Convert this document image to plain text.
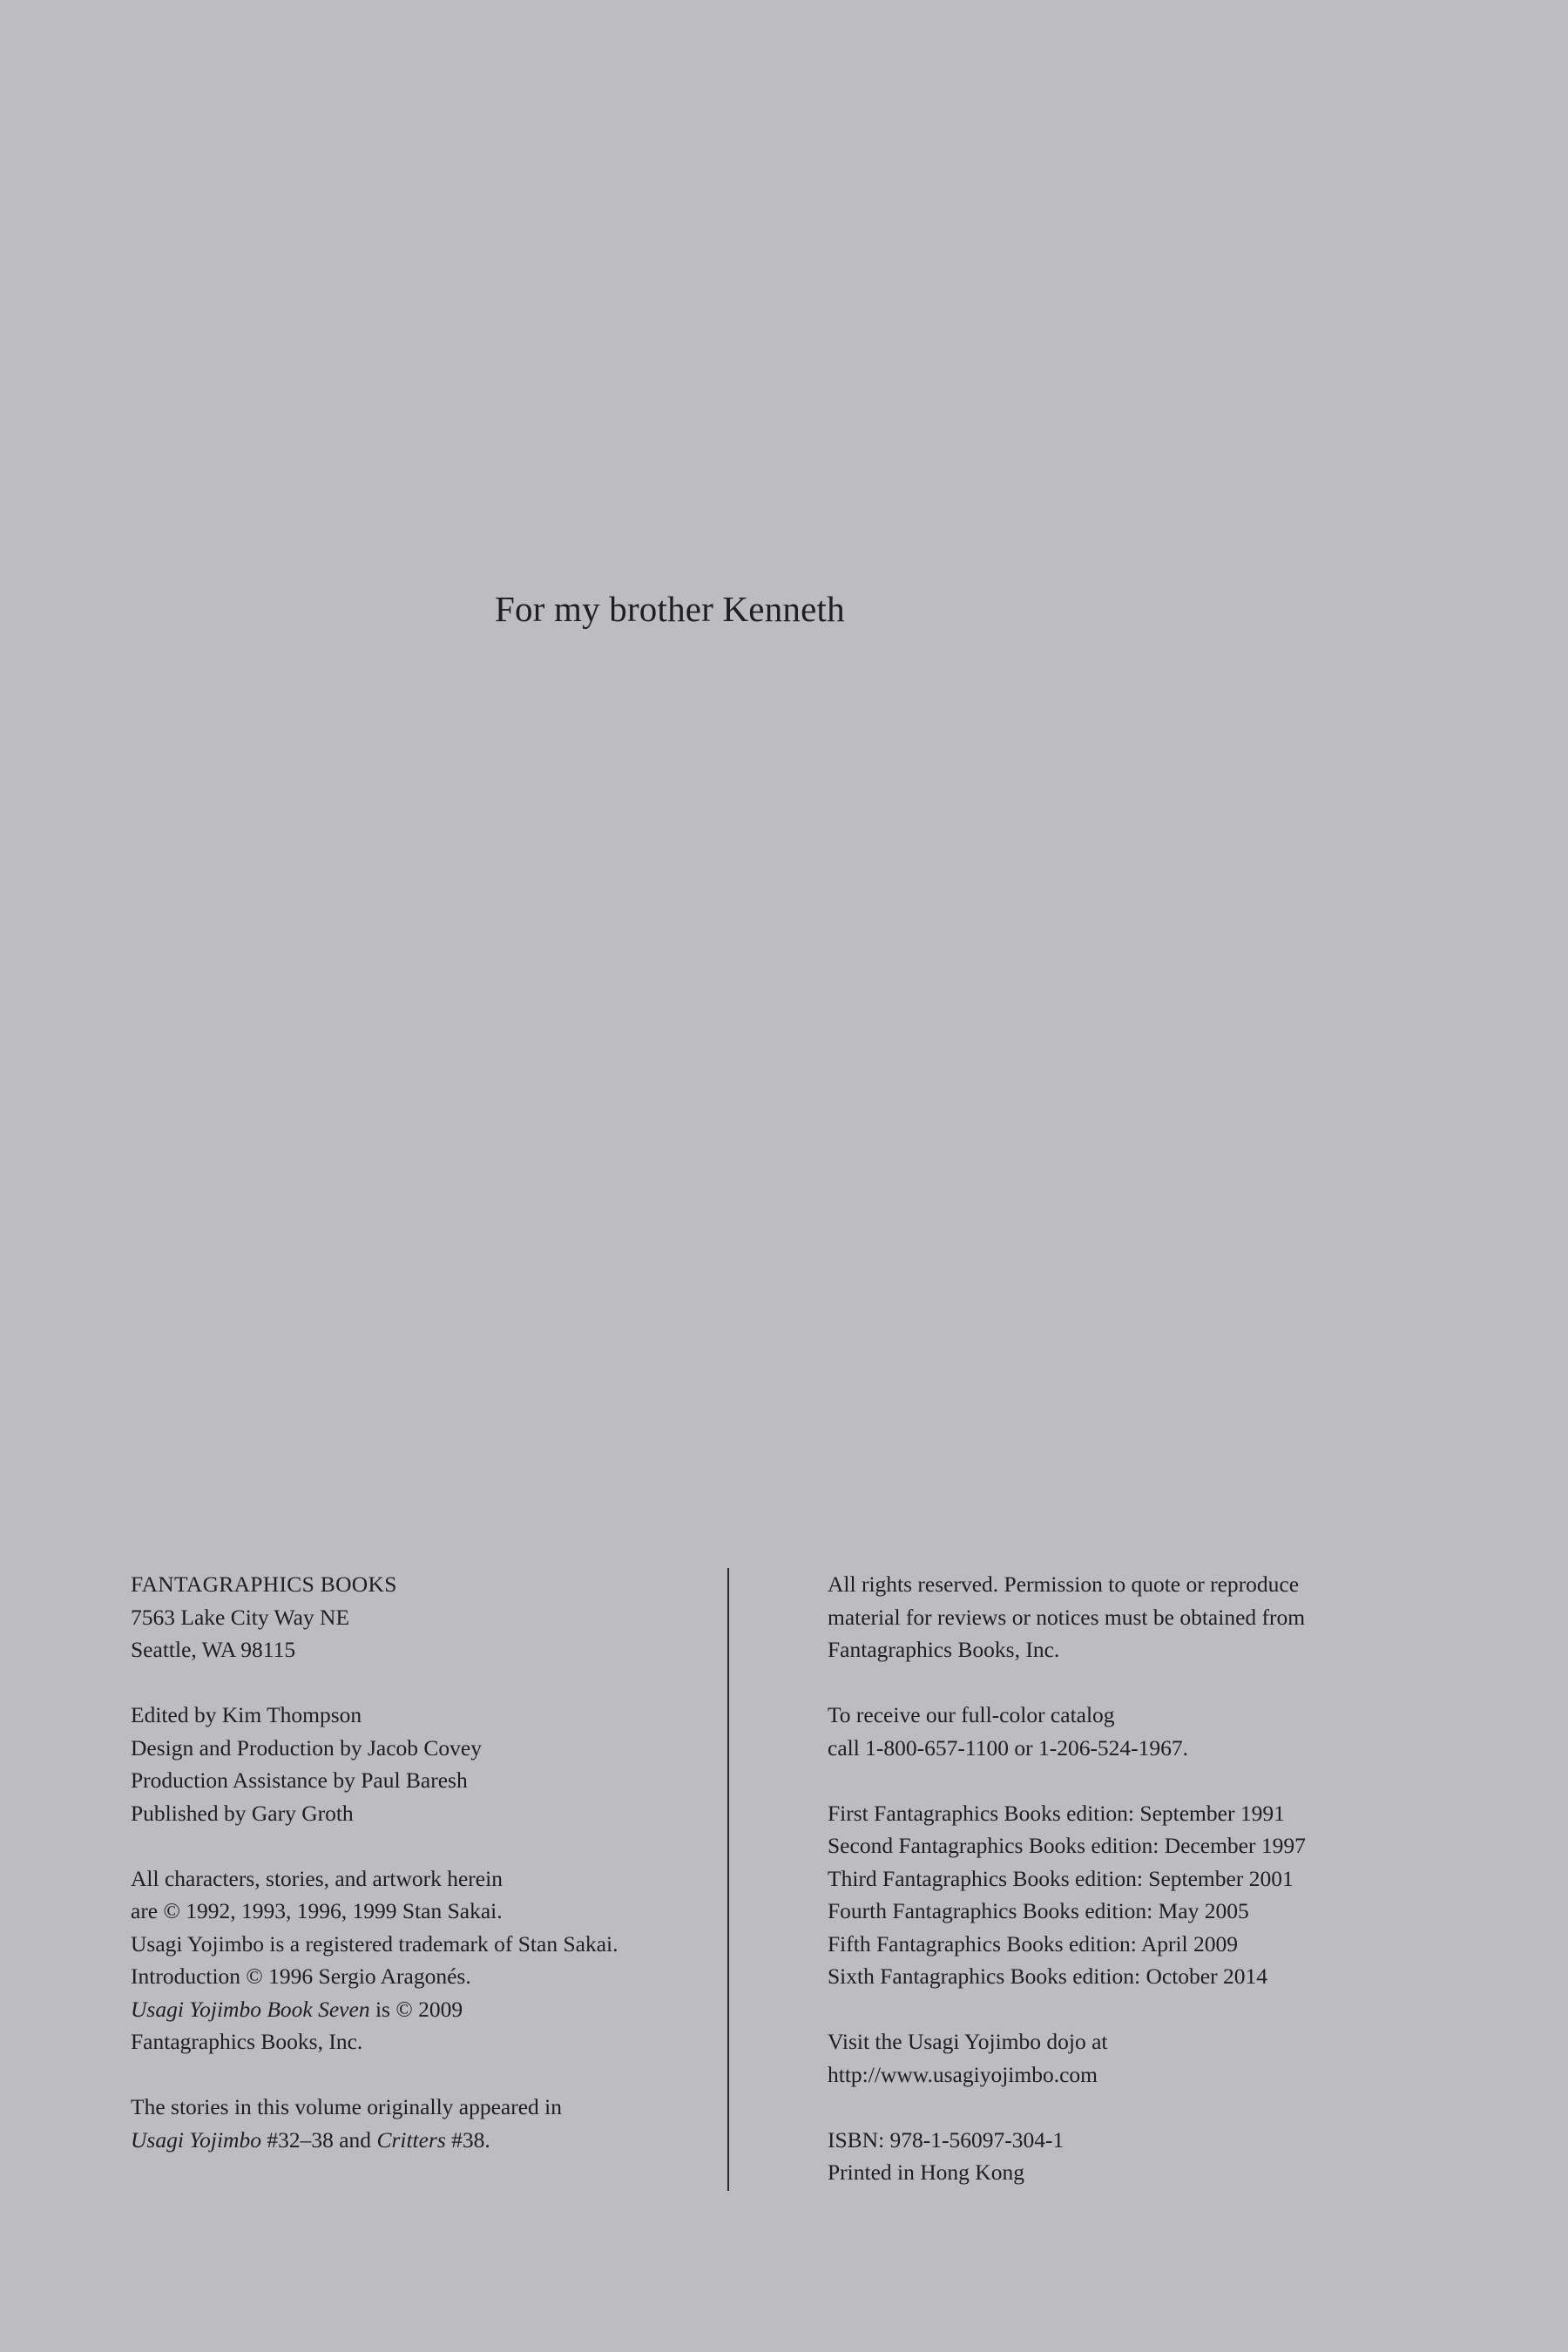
For my brother Kenneth
FANTAGRAPHICS BOOKS
7563 Lake City Way NE
Seattle, WA 98115
Edited by Kim Thompson
Design and Production by Jacob Covey
Production Assistance by Paul Baresh
Published by Gary Groth
All characters, stories, and artwork herein
are © 1992, 1993, 1996, 1999 Stan Sakai.
Usagi Yojimbo is a registered trademark of Stan Sakai.
Introduction © 1996 Sergio Aragonés.
Usagi Yojimbo Book Seven is © 2009
Fantagraphics Books, Inc.
The stories in this volume originally appeared in
Usagi Yojimbo #32–38 and Critters #38.
All rights reserved. Permission to quote or reproduce
material for reviews or notices must be obtained from
Fantagraphics Books, Inc.
To receive our full-color catalog
call 1-800-657-1100 or 1-206-524-1967.
First Fantagraphics Books edition: September 1991
Second Fantagraphics Books edition: December 1997
Third Fantagraphics Books edition: September 2001
Fourth Fantagraphics Books edition: May 2005
Fifth Fantagraphics Books edition: April 2009
Sixth Fantagraphics Books edition: October 2014
Visit the Usagi Yojimbo dojo at
http://www.usagiyojimbo.com
ISBN: 978-1-56097-304-1
Printed in Hong Kong
